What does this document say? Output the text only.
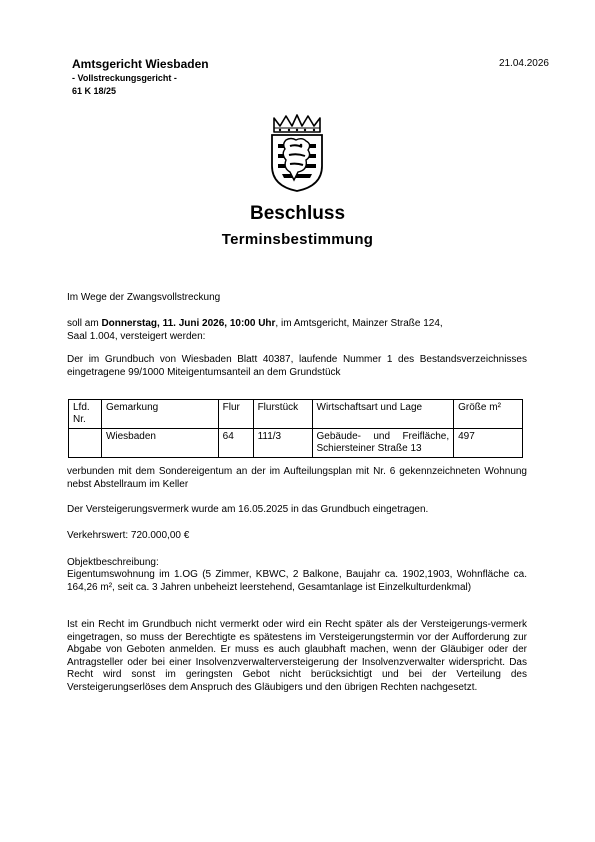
Amtsgericht Wiesbaden
- Vollstreckungsgericht -
61 K 18/25
21.04.2026
Beschluss
Terminsbestimmung
Im Wege der Zwangsvollstreckung
soll am Donnerstag, 11. Juni 2026, 10:00 Uhr, im Amtsgericht, Mainzer Straße 124,
Saal 1.004, versteigert werden:
Der im Grundbuch von Wiesbaden Blatt 40387, laufende Nummer 1 des Bestandsverzeichnisses eingetragene 99/1000 Miteigentumsanteil an dem Grundstück
Lfd. Nr.	Gemarkung	Flur	Flurstück	Wirtschaftsart und Lage	Größe m²
	Wiesbaden	64	111/3	Gebäude- und Freifläche, Schiersteiner Straße 13	497
verbunden mit dem Sondereigentum an der im Aufteilungsplan mit Nr. 6 gekennzeichneten Wohnung nebst Abstellraum im Keller
Der Versteigerungsvermerk wurde am 16.05.2025 in das Grundbuch eingetragen.
Verkehrswert: 720.000,00 €
Objektbeschreibung:
Eigentumswohnung im 1.OG (5 Zimmer, KBWC, 2 Balkone, Baujahr ca. 1902,1903, Wohnfläche ca. 164,26 m², seit ca. 3 Jahren unbeheizt leerstehend, Gesamtanlage ist Einzelkulturdenkmal)
Ist ein Recht im Grundbuch nicht vermerkt oder wird ein Recht später als der Versteigerungs-vermerk eingetragen, so muss der Berechtigte es spätestens im Versteigerungstermin vor der Aufforderung zur Abgabe von Geboten anmelden. Er muss es auch glaubhaft machen, wenn der Gläubiger oder der Antragsteller oder bei einer Insolvenzverwalterversteigerung der Insolvenzverwalter widerspricht. Das Recht wird sonst im geringsten Gebot nicht berücksichtigt und bei der Verteilung des Versteigerungserlöses dem Anspruch des Gläubigers und den übrigen Rechten nachgesetzt.
